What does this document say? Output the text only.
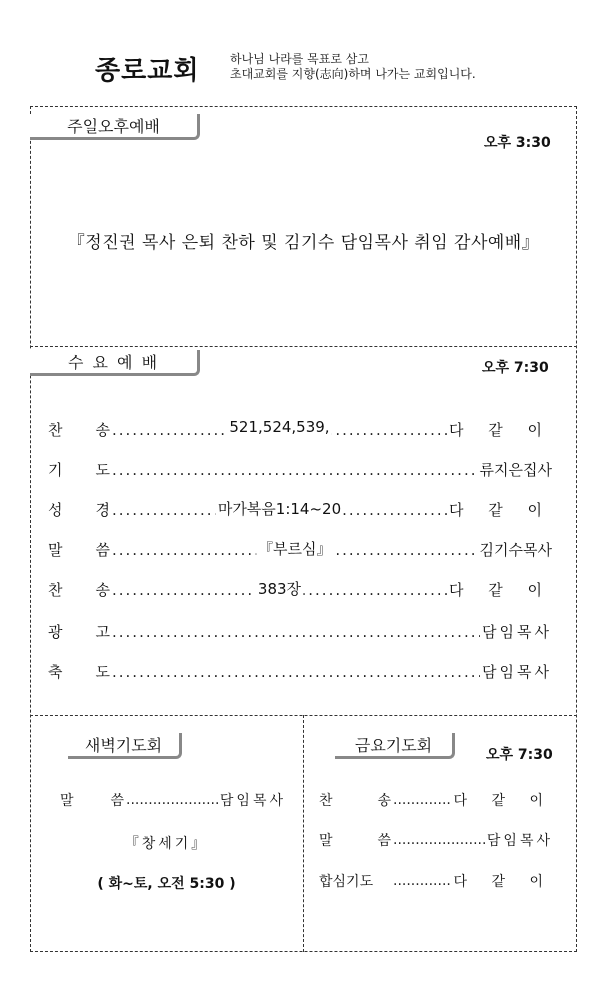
종로교회	하나님 나라를 목표로 삼고
초대교회를 지향(志向)하며 나가는 교회입니다.
주일오후예배
오후 3:30
『정진권 목사 은퇴 찬하 및 김기수 담임목사 취임 감사예배』
수 요 예 배	오후 7:30
찬 송	..... 521,524,539,	다 같 이
기 도 .....	류지은집사
성 경	..... 마가복음1:14~20	다 같 이
말 씀	..... 『부르심』	김기수목사
찬 송	..... 383장	다 같 이
광 고 .....	담임목사
축 도 .....	담임목사
새벽기도회
말	씀 .....	담임목사
『창세기』
( 화~토, 오전 5:30 )
금요기도회	오후 7:30
찬	송 .....	다 같 이
말	씀 .....	담임목사
합심기도 .....	다 같 이
